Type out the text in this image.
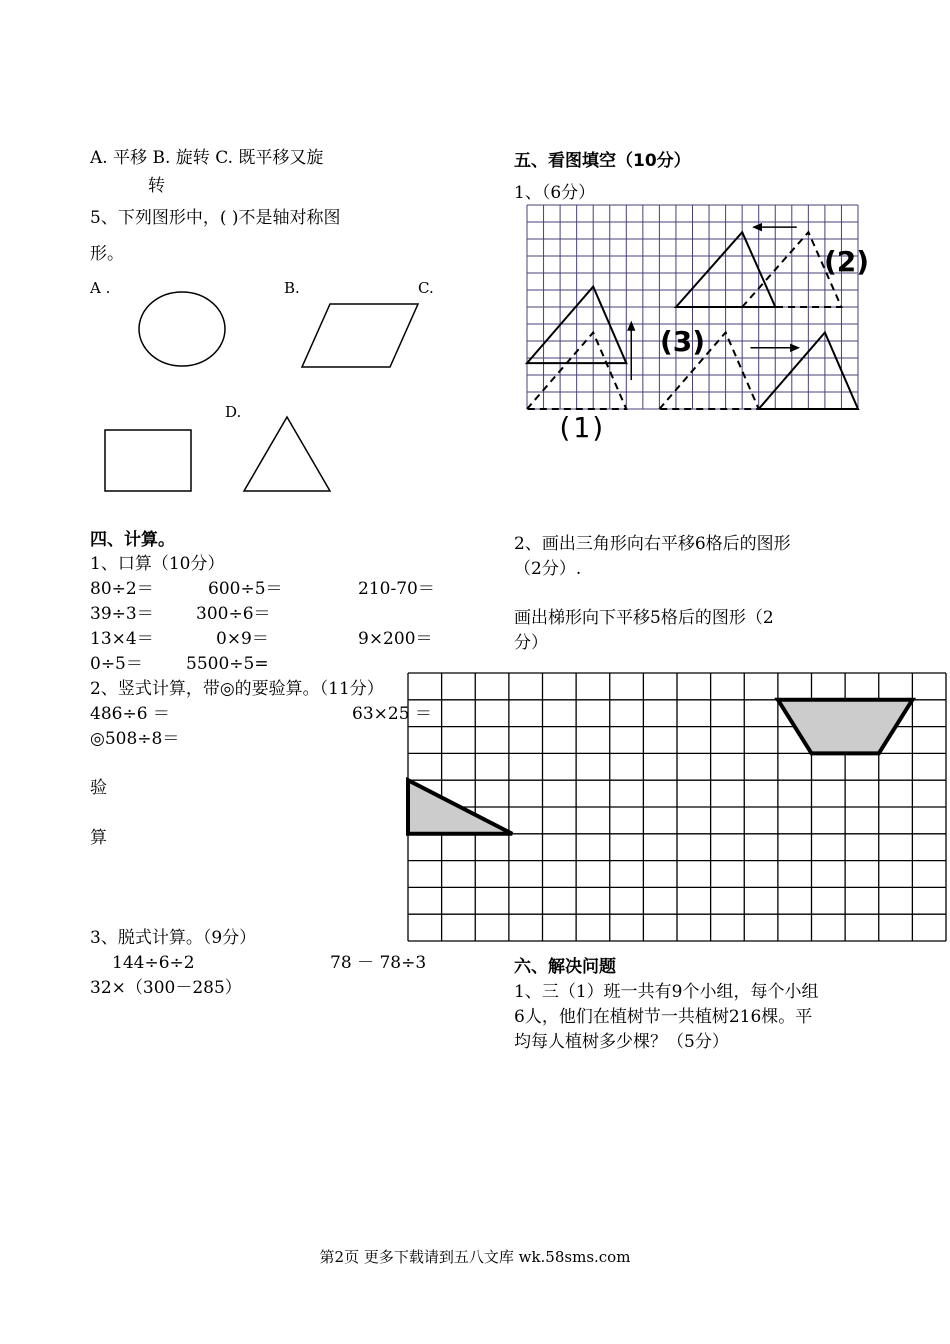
A. 平移 B. 旋转 C. 既平移又旋
转
5、下列图形中，( )不是轴对称图
形。
A .	B.	C.
D.
四、计算。
1、口算（10分）
80÷2＝	600÷5＝	210-70＝
39÷3＝ 300÷6＝
13×4＝	0×9＝	9×200＝
0÷5＝	5500÷5=
2、竖式计算，带◎的要验算。（11分）
486÷6 ＝	63×25 ＝
◎508÷8＝
验
算
3、脱式计算。（9分）
144÷6÷2	78 － 78÷3
32×（300－285）
五、看图填空（10分）
1、（6分）
(1)
(2)
(3)
2、画出三角形向右平移6格后的图形
（2分）.
画出梯形向下平移5格后的图形（2
分）
六、解决问题
1、三（1）班一共有9个小组，每个小组
6人，他们在植树节一共植树216棵。平
均每人植树多少棵？（5分）
第2页 更多下载请到五八文库 wk.58sms.com
